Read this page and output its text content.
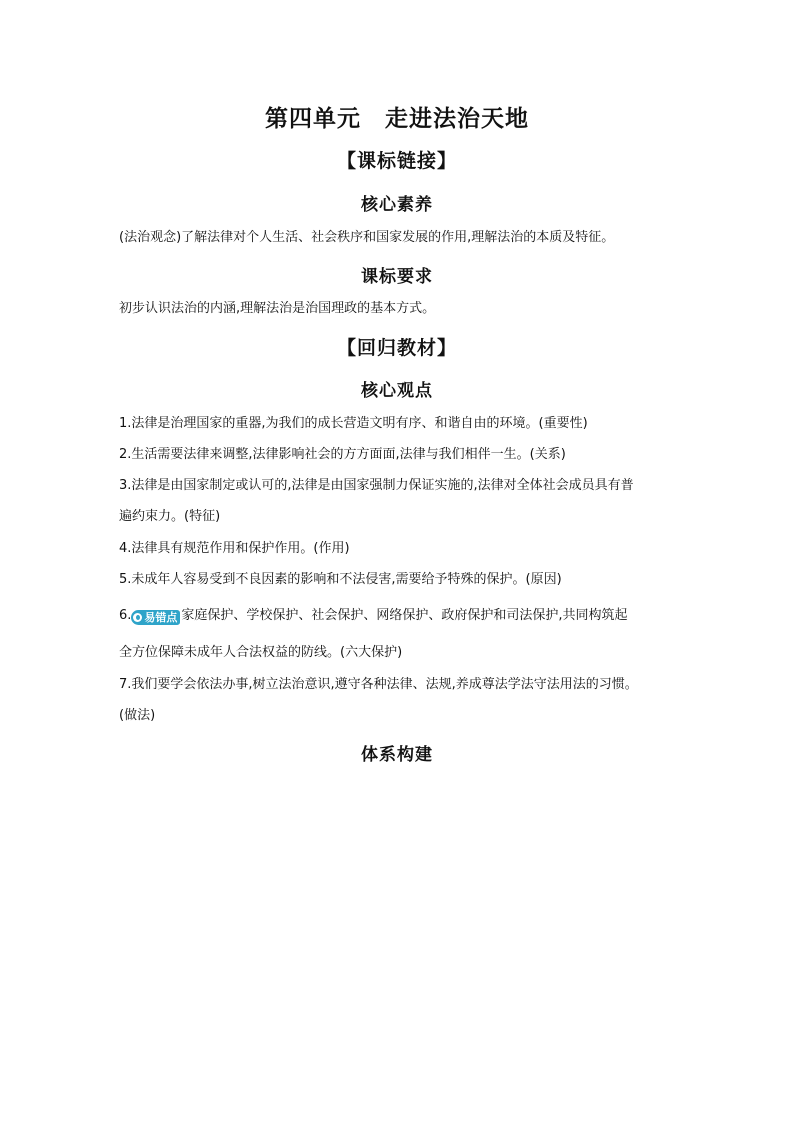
第四单元　走进法治天地
【课标链接】
核心素养
(法治观念)了解法律对个人生活、社会秩序和国家发展的作用,理解法治的本质及特征。
课标要求
初步认识法治的内涵,理解法治是治国理政的基本方式。
【回归教材】
核心观点
1.法律是治理国家的重器,为我们的成长营造文明有序、和谐自由的环境。(重要性)
2.生活需要法律来调整,法律影响社会的方方面面,法律与我们相伴一生。(关系)
3.法律是由国家制定或认可的,法律是由国家强制力保证实施的,法律对全体社会成员具有普
遍约束力。(特征)
4.法律具有规范作用和保护作用。(作用)
5.未成年人容易受到不良因素的影响和不法侵害,需要给予特殊的保护。(原因)
6. 易错点 家庭保护、学校保护、社会保护、网络保护、政府保护和司法保护,共同构筑起
全方位保障未成年人合法权益的防线。(六大保护)
7.我们要学会依法办事,树立法治意识,遵守各种法律、法规,养成尊法学法守法用法的习惯。
(做法)
体系构建
